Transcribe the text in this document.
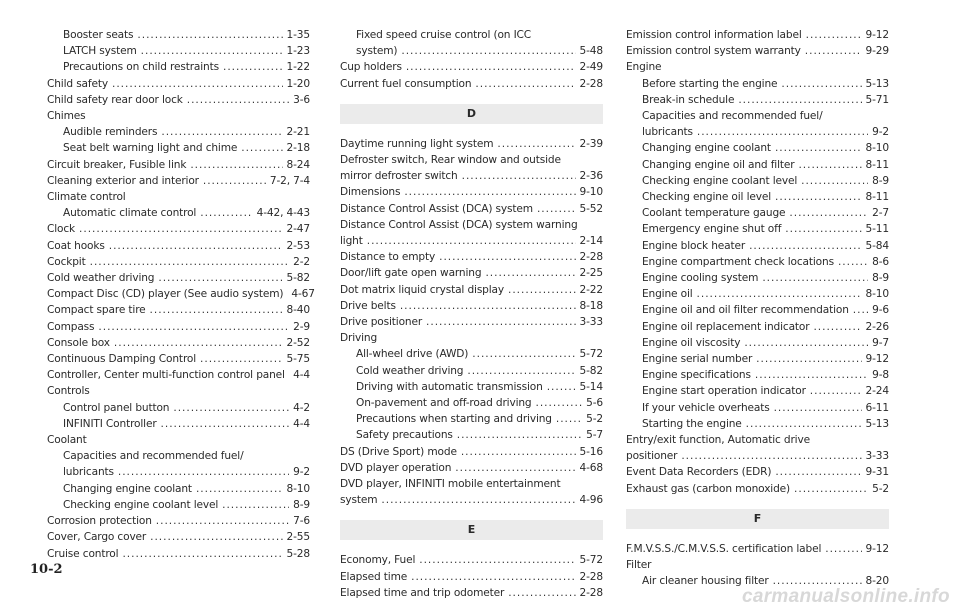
Booster seats . . .	1-35
LATCH system . . .	1-23
Precautions on child restraints . . .	1-22
Child safety . . .	1-20
Child safety rear door lock . . .	3-6
Chimes
Audible reminders . . .	2-21
Seat belt warning light and chime . . .	2-18
Circuit breaker, Fusible link . . .	8-24
Cleaning exterior and interior . . .	7-2, 7-4
Climate control
Automatic climate control . . .	4-42, 4-43
Clock . . .	2-47
Coat hooks . . .	2-53
Cockpit . . .	2-2
Cold weather driving . . .	5-82
Compact Disc (CD) player (See audio system) 4-67
Compact spare tire . . .	8-40
Compass . . .	2-9
Console box . . .	2-52
Continuous Damping Control . . .	5-75
Controller, Center multi-function control panel . . . 4-4
Controls
Control panel button . . .	4-2
INFINITI Controller . . .	4-4
Coolant
Capacities and recommended fuel/
lubricants . . .	9-2
Changing engine coolant . . .	8-10
Checking engine coolant level . . .	8-9
Corrosion protection . . .	7-6
Cover, Cargo cover . . .	2-55
Cruise control . . .	5-28
Fixed speed cruise control (on ICC
system) . . .	5-48
Cup holders . . .	2-49
Current fuel consumption . . .	2-28
D
Daytime running light system . . .	2-39
Defroster switch, Rear window and outside
mirror defroster switch . . .	2-36
Dimensions . . .	9-10
Distance Control Assist (DCA) system . . .	5-52
Distance Control Assist (DCA) system warning
light . . .	2-14
Distance to empty . . .	2-28
Door/lift gate open warning . . .	2-25
Dot matrix liquid crystal display . . .	2-22
Drive belts . . .	8-18
Drive positioner . . .	3-33
Driving
All-wheel drive (AWD) . . .	5-72
Cold weather driving . . .	5-82
Driving with automatic transmission . . .	5-14
On-pavement and off-road driving . . .	5-6
Precautions when starting and driving . . .	5-2
Safety precautions . . .	5-7
DS (Drive Sport) mode . . .	5-16
DVD player operation . . .	4-68
DVD player, INFINITI mobile entertainment
system . . .	4-96
E
Economy, Fuel . . .	5-72
Elapsed time . . .	2-28
Elapsed time and trip odometer . . .	2-28
Emission control information label . . .	9-12
Emission control system warranty . . .	9-29
Engine
Before starting the engine . . .	5-13
Break-in schedule . . .	5-71
Capacities and recommended fuel/
lubricants . . .	9-2
Changing engine coolant . . .	8-10
Changing engine oil and filter . . .	8-11
Checking engine coolant level . . .	8-9
Checking engine oil level . . .	8-11
Coolant temperature gauge . . .	2-7
Emergency engine shut off . . .	5-11
Engine block heater . . .	5-84
Engine compartment check locations . . .	8-6
Engine cooling system . . .	8-9
Engine oil . . .	8-10
Engine oil and oil filter recommendation . . . 9-6
Engine oil replacement indicator . . .	2-26
Engine oil viscosity . . .	9-7
Engine serial number . . .	9-12
Engine specifications . . .	9-8
Engine start operation indicator . . .	2-24
If your vehicle overheats . . .	6-11
Starting the engine . . .	5-13
Entry/exit function, Automatic drive
positioner . . .	3-33
Event Data Recorders (EDR) . . .	9-31
Exhaust gas (carbon monoxide) . . .	5-2
F
F.M.V.S.S./C.M.V.S.S. certification label . . .	9-12
Filter
Air cleaner housing filter . . .	8-20
10-2
carmanualsonline.info
